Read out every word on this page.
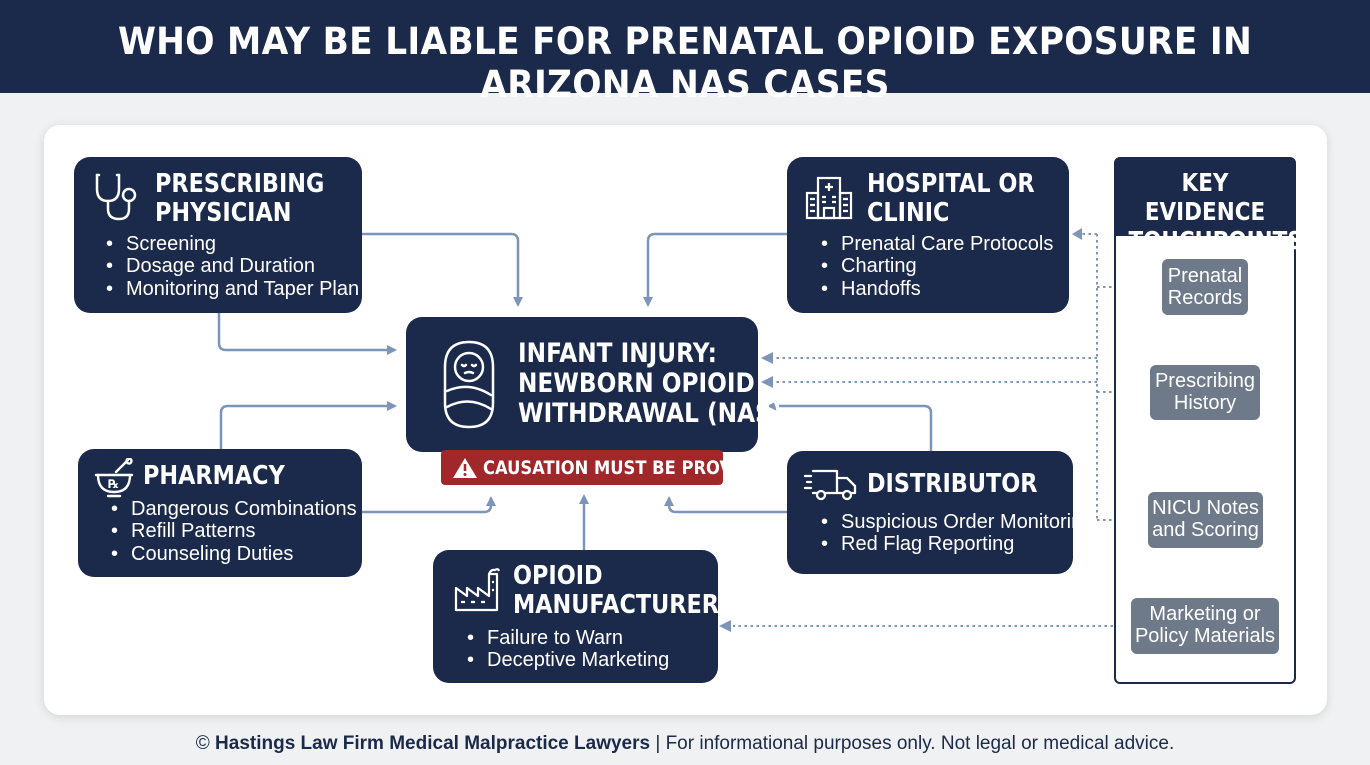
WHO MAY BE LIABLE FOR PRENATAL OPIOID EXPOSURE IN ARIZONA NAS CASES
PRESCRIBING
PHYSICIAN
• Screening
• Dosage and Duration
• Monitoring and Taper Plan
HOSPITAL OR
CLINIC
• Prenatal Care Protocols
• Charting
• Handoffs
INFANT INJURY:
NEWBORN OPIOID
WITHDRAWAL (NAS)
CAUSATION MUST BE PROVEN
℞ PHARMACY
• Dangerous Combinations
• Refill Patterns
• Counseling Duties
DISTRIBUTOR
• Suspicious Order Monitoring
• Red Flag Reporting
OPIOID
MANUFACTURER
• Failure to Warn
• Deceptive Marketing
KEY EVIDENCE
TOUCHPOINTS
Prenatal
Records
Prescribing
History
NICU Notes
and Scoring
Marketing or
Policy Materials
© Hastings Law Firm Medical Malpractice Lawyers | For informational purposes only. Not legal or medical advice.
